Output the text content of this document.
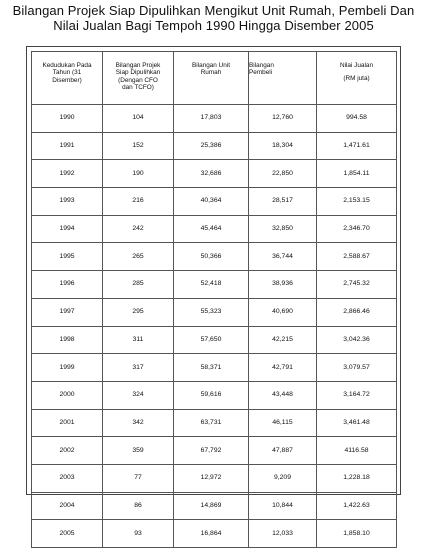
Bilangan Projek Siap Dipulihkan Mengikut Unit Rumah, Pembeli Dan
Nilai Jualan Bagi Tempoh 1990 Hingga Disember 2005
Kedudukan Pada
Tahun (31
Disember)	Bilangan Projek
Siap Dipulihkan
(Dengan CFO
dan TCFO)	Bilangan Unit
Rumah	Bilangan
Pembeli	Nilai Jualan
(RM juta)

1990	104	17,803	12,760	994.58
1991	152	25,386	18,304	1,471.61
1992	190	32,686	22,850	1,854.11
1993	216	40,364	28,517	2,153.15
1994	242	45,464	32,850	2,346.70
1995	265	50,366	36,744	2,588.67
1996	285	52,418	38,936	2,745.32
1997	295	55,323	40,690	2,866.46
1998	311	57,650	42,215	3,042.36
1999	317	58,371	42,791	3,079.57
2000	324	59,616	43,448	3,164.72
2001	342	63,731	46,115	3,461.48
2002	359	67,792	47,887	4116.58
2003	77	12,972	9,209	1,228.18
2004	86	14,869	10,844	1,422.63
2005	93	16,864	12,033	1,858.10
